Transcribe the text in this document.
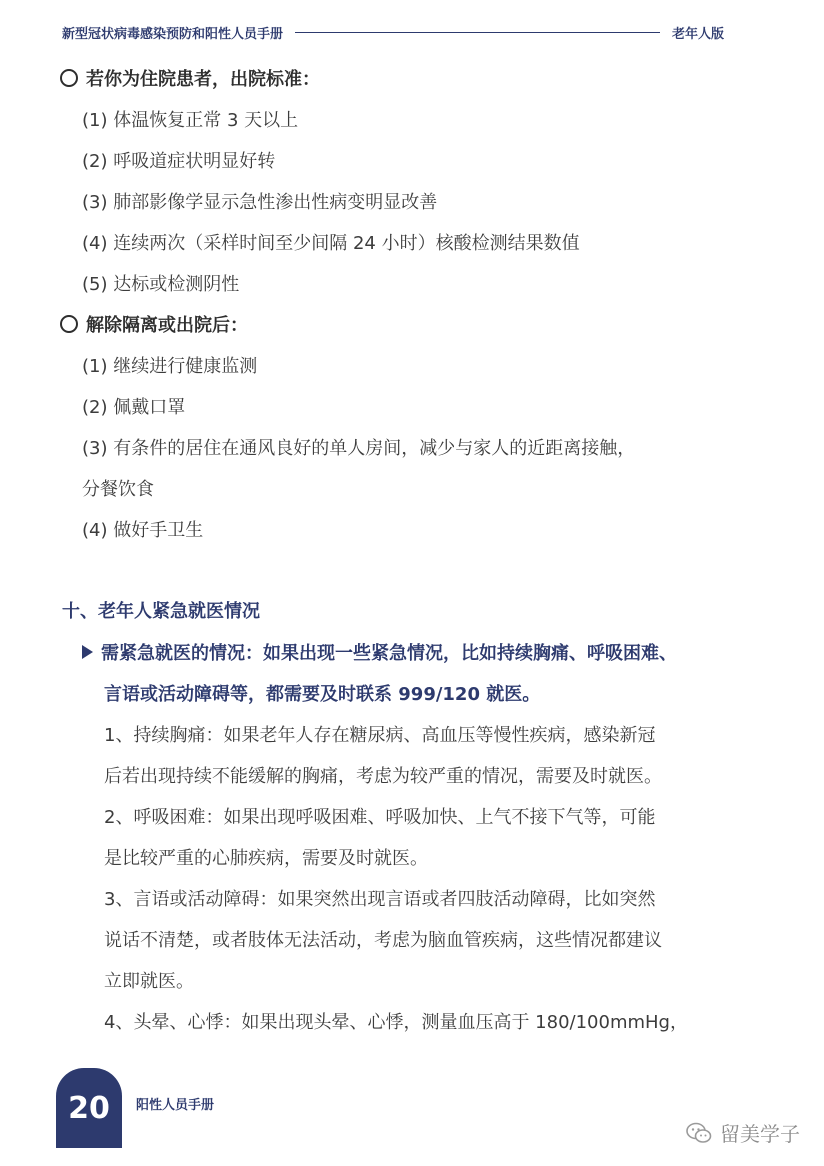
新型冠状病毒感染预防和阳性人员手册	老年人版
若你为住院患者，出院标准：
(1) 体温恢复正常 3 天以上
(2) 呼吸道症状明显好转
(3) 肺部影像学显示急性渗出性病变明显改善
(4) 连续两次（采样时间至少间隔 24 小时）核酸检测结果数值
(5) 达标或检测阴性
解除隔离或出院后：
(1) 继续进行健康监测
(2) 佩戴口罩
(3) 有条件的居住在通风良好的单人房间，减少与家人的近距离接触，
分餐饮食
(4) 做好手卫生
十、老年人紧急就医情况
需紧急就医的情况：如果出现一些紧急情况，比如持续胸痛、呼吸困难、
言语或活动障碍等，都需要及时联系 999/120 就医。
1、持续胸痛：如果老年人存在糖尿病、高血压等慢性疾病，感染新冠
后若出现持续不能缓解的胸痛，考虑为较严重的情况，需要及时就医。
2、呼吸困难：如果出现呼吸困难、呼吸加快、上气不接下气等，可能
是比较严重的心肺疾病，需要及时就医。
3、言语或活动障碍：如果突然出现言语或者四肢活动障碍，比如突然
说话不清楚，或者肢体无法活动，考虑为脑血管疾病，这些情况都建议
立即就医。
4、头晕、心悸：如果出现头晕、心悸，测量血压高于 180/100mmHg，
20 阳性人员手册
留美学子
